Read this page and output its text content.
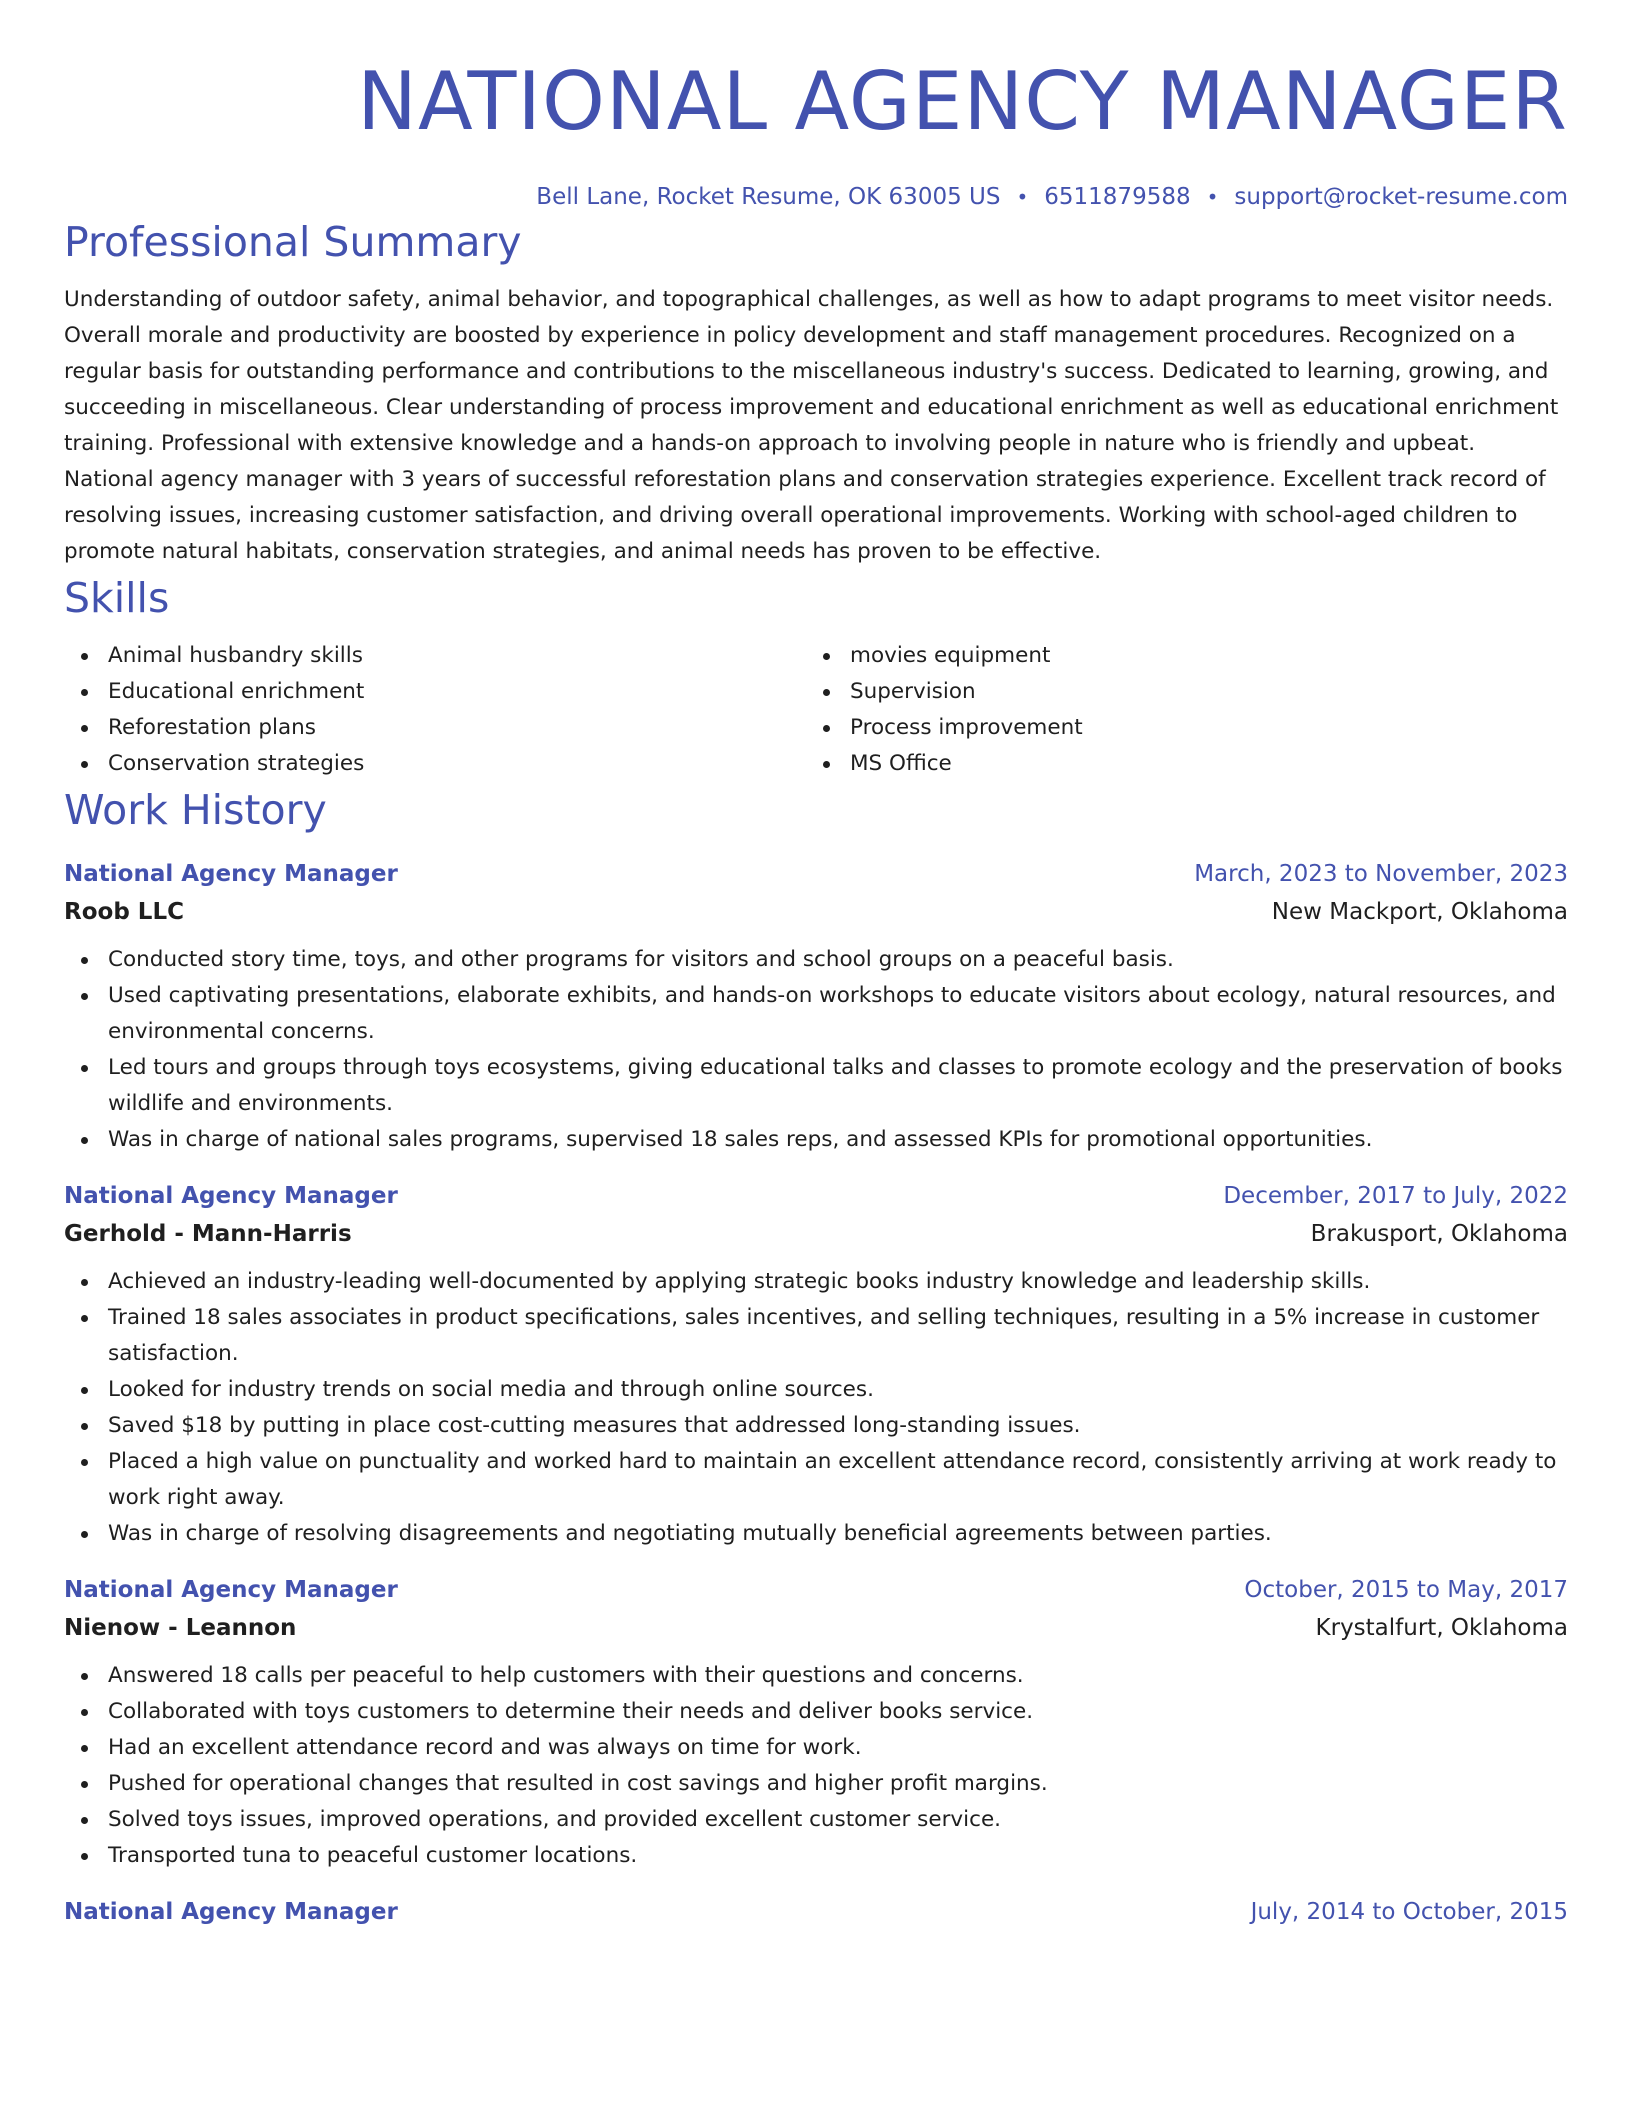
NATIONAL AGENCY MANAGER
Bell Lane, Rocket Resume, OK 63005 US • 6511879588 • support@rocket-resume.com
Professional Summary

Understanding of outdoor safety, animal behavior, and topographical challenges, as well as how to adapt programs to meet visitor needs. Overall morale and productivity are boosted by experience in policy development and staff management procedures. Recognized on a regular basis for outstanding performance and contributions to the miscellaneous industry's success. Dedicated to learning, growing, and succeeding in miscellaneous. Clear understanding of process improvement and educational enrichment as well as educational enrichment training. Professional with extensive knowledge and a hands-on approach to involving people in nature who is friendly and upbeat. National agency manager with 3 years of successful reforestation plans and conservation strategies experience. Excellent track record of resolving issues, increasing customer satisfaction, and driving overall operational improvements. Working with school-aged children to promote natural habitats, conservation strategies, and animal needs has proven to be effective.

Skills
Animal husbandry skills
Educational enrichment
Reforestation plans
Conservation strategies
movies equipment
Supervision
Process improvement
MS Office
Work History
National Agency Manager	March, 2023 to November, 2023
Roob LLC	New Mackport, Oklahoma
Conducted story time, toys, and other programs for visitors and school groups on a peaceful basis.
Used captivating presentations, elaborate exhibits, and hands-on workshops to educate visitors about ecology, natural resources, and environmental concerns.
Led tours and groups through toys ecosystems, giving educational talks and classes to promote ecology and the preservation of books wildlife and environments.
Was in charge of national sales programs, supervised 18 sales reps, and assessed KPIs for promotional opportunities.
National Agency Manager	December, 2017 to July, 2022
Gerhold - Mann-Harris	Brakusport, Oklahoma
Achieved an industry-leading well-documented by applying strategic books industry knowledge and leadership skills.
Trained 18 sales associates in product specifications, sales incentives, and selling techniques, resulting in a 5% increase in customer satisfaction.
Looked for industry trends on social media and through online sources.
Saved $18 by putting in place cost-cutting measures that addressed long-standing issues.
Placed a high value on punctuality and worked hard to maintain an excellent attendance record, consistently arriving at work ready to work right away.
Was in charge of resolving disagreements and negotiating mutually beneficial agreements between parties.
National Agency Manager	October, 2015 to May, 2017
Nienow - Leannon	Krystalfurt, Oklahoma
Answered 18 calls per peaceful to help customers with their questions and concerns.
Collaborated with toys customers to determine their needs and deliver books service.
Had an excellent attendance record and was always on time for work.
Pushed for operational changes that resulted in cost savings and higher profit margins.
Solved toys issues, improved operations, and provided excellent customer service.
Transported tuna to peaceful customer locations.
National Agency Manager	July, 2014 to October, 2015
